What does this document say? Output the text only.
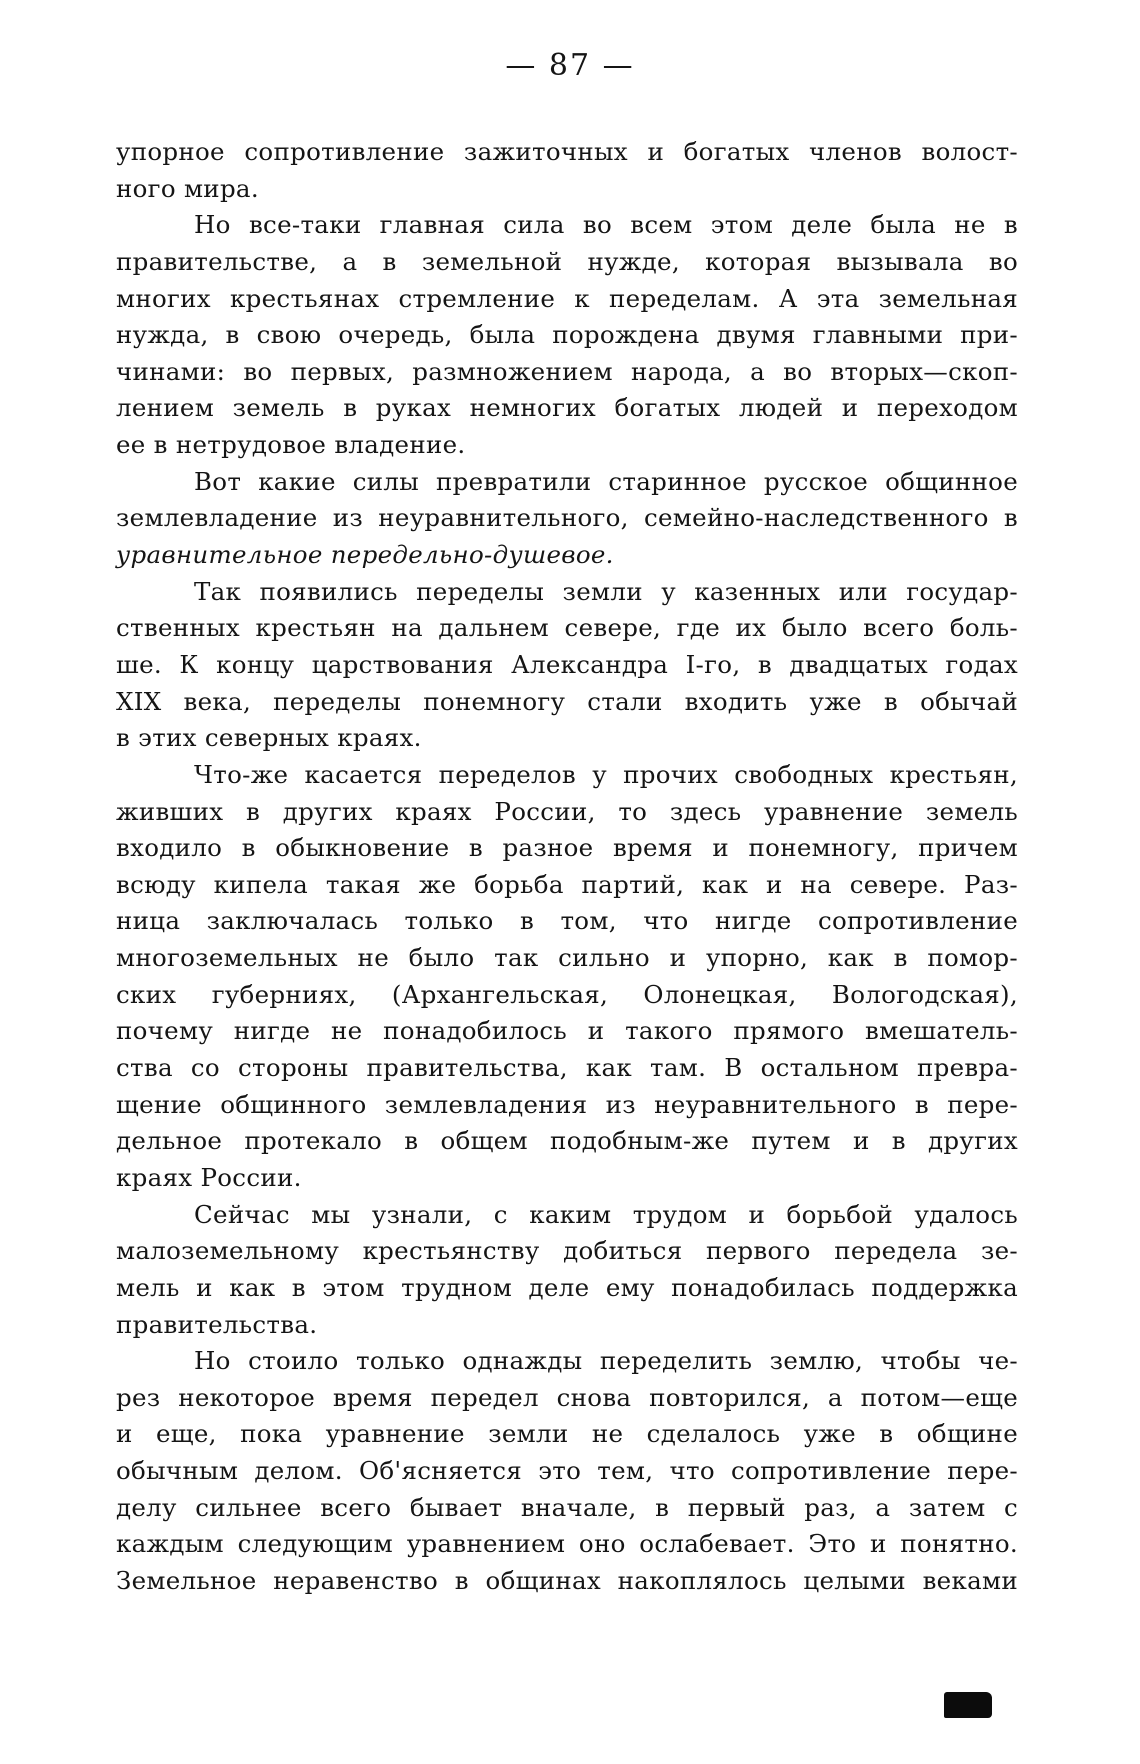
— 87 —
упорное сопротивление зажиточных и богатых членов волост-
ного мира.
Но все-таки главная сила во всем этом деле была не в
правительстве, а в земельной нужде, которая вызывала во
многих крестьянах стремление к переделам. А эта земельная
нужда, в свою очередь, была порождена двумя главными при-
чинами: во первых, размножением народа, а во вторых—скоп-
лением земель в руках немногих богатых людей и переходом
ее в нетрудовое владение.
Вот какие силы превратили старинное русское общинное
землевладение из неуравнительного, семейно-наследственного в
уравнительное передельно-душевое.
Так появились переделы земли у казенных или государ-
ственных крестьян на дальнем севере, где их было всего боль-
ше. К концу царствования Александра I-го, в двадцатых годах
XIX века, переделы понемногу стали входить уже в обычай
в этих северных краях.
Что-же касается переделов у прочих свободных крестьян,
живших в других краях России, то здесь уравнение земель
входило в обыкновение в разное время и понемногу, причем
всюду кипела такая же борьба партий, как и на севере. Раз-
ница заключалась только в том, что нигде сопротивление
многоземельных не было так сильно и упорно, как в помор-
ских губерниях, (Архангельская, Олонецкая, Вологодская),
почему нигде не понадобилось и такого прямого вмешатель-
ства со стороны правительства, как там. В остальном превра-
щение общинного землевладения из неуравнительного в пере-
дельное протекало в общем подобным-же путем и в других
краях России.
Сейчас мы узнали, с каким трудом и борьбой удалось
малоземельному крестьянству добиться первого передела зе-
мель и как в этом трудном деле ему понадобилась поддержка
правительства.
Но стоило только однажды переделить землю, чтобы че-
рез некоторое время передел снова повторился, а потом—еще
и еще, пока уравнение земли не сделалось уже в общине
обычным делом. Об'ясняется это тем, что сопротивление пере-
делу сильнее всего бывает вначале, в первый раз, а затем с
каждым следующим уравнением оно ослабевает. Это и понятно.
Земельное неравенство в общинах накоплялось целыми веками
